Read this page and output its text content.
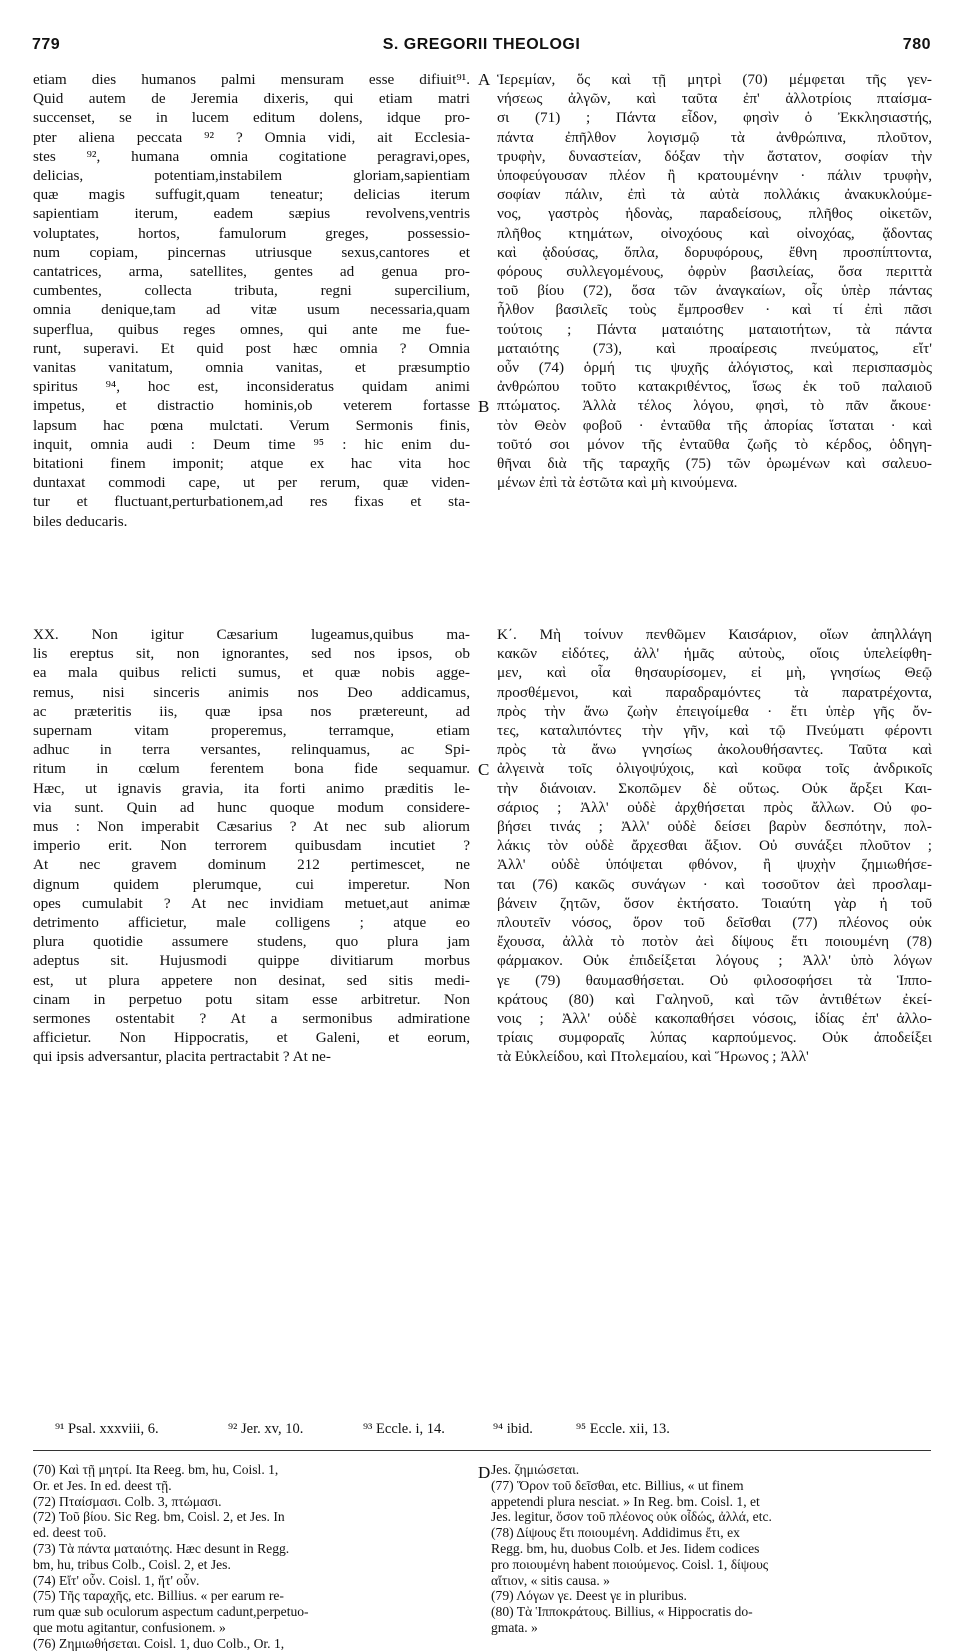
779	S. GREGORII THEOLOGI	780
etiam dies humanos palmi mensuram esse difiuit⁹¹.
Quid autem de Jeremia dixeris, qui etiam matri
succenset, se in lucem editum dolens, idque pro-
pter aliena peccata ⁹² ? Omnia vidi, ait Ecclesia-
stes ⁹², humana omnia cogitatione peragravi,opes,
delicias, potentiam,instabilem gloriam,sapientiam
quæ magis suffugit,quam teneatur; delicias iterum
sapientiam iterum, eadem sæpius revolvens,ventris
voluptates, hortos, famulorum greges, possessio-
num copiam, pincernas utriusque sexus,cantores et
cantatrices, arma, satellites, gentes ad genua pro-
cumbentes, collecta tributa, regni supercilium,
omnia denique,tam ad vitæ usum necessaria,quam
superflua, quibus reges omnes, qui ante me fue-
runt, superavi. Et quid post hæc omnia ? Omnia
vanitas vanitatum, omnia vanitas, et præsumptio
spiritus ⁹⁴, hoc est, inconsideratus quidam animi
impetus, et distractio hominis,ob veterem fortasse
lapsum hac pœna mulctati. Verum Sermonis finis,
inquit, omnia audi : Deum time ⁹⁵ : hic enim du-
bitationi finem imponit; atque ex hac vita hoc
duntaxat commodi cape, ut per rerum, quæ viden-
tur et fluctuant,perturbationem,ad res fixas et sta-
biles deducaris.
Ἱερεμίαν, ὅς καὶ τῇ μητρὶ (70) μέμφεται τῆς γεν-
νήσεως ἀλγῶν, καὶ ταῦτα ἐπ' ἀλλοτρίοις πταίσμα-
σι (71) ; Πάντα εἶδον, φησὶν ὁ Ἐκκλησιαστής,
πάντα ἐπῆλθον λογισμῷ τὰ ἀνθρώπινα, πλοῦτον,
τρυφὴν, δυναστείαν, δόξαν τὴν ἄστατον, σοφίαν τὴν
ὑποφεύγουσαν πλέον ἢ κρατουμένην · πάλιν τρυφὴν,
σοφίαν πάλιν, ἐπὶ τὰ αὐτὰ πολλάκις ἀνακυκλούμε-
νος, γαστρὸς ἡδονὰς, παραδείσους, πλῆθος οἰκετῶν,
πλῆθος κτημάτων, οἰνοχόους καὶ οἰνοχόας, ᾄδοντας
καὶ ᾀδούσας, ὅπλα, δορυφόρους, ἔθνη προσπίπτοντα,
φόρους συλλεγομένους, ὀφρὺν βασιλείας, ὅσα περιττὰ
τοῦ βίου (72), ὅσα τῶν ἀναγκαίων, οἷς ὑπὲρ πάντας
ἦλθον βασιλεῖς τοὺς ἔμπροσθεν · καὶ τί ἐπὶ πᾶσι
τούτοις ; Πάντα ματαιότης ματαιοτήτων, τὰ πάντα
ματαιότης (73), καὶ προαίρεσις πνεύματος, εἴτ'
οὖν (74) ὁρμή τις ψυχῆς ἀλόγιστος, καὶ περισπασμὸς
ἀνθρώπου τοῦτο κατακριθέντος, ἴσως ἐκ τοῦ παλαιοῦ
πτώματος. Ἀλλὰ τέλος λόγου, φησὶ, τὸ πᾶν ἄκουε·
τὸν Θεὸν φοβοῦ · ἐνταῦθα τῆς ἀπορίας ἵσταται · καὶ
τοῦτό σοι μόνον τῆς ἐνταῦθα ζωῆς τὸ κέρδος, ὁδηγη-
θῆναι διὰ τῆς ταραχῆς (75) τῶν ὁρωμένων καὶ σαλευο-
μένων ἐπὶ τὰ ἑστῶτα καὶ μὴ κινούμενα.
XX. Non igitur Cæsarium lugeamus,quibus ma-
lis ereptus sit, non ignorantes, sed nos ipsos, ob
ea mala quibus relicti sumus, et quæ nobis agge-
remus, nisi sinceris animis nos Deo addicamus,
ac præteritis iis, quæ ipsa nos prætereunt, ad
supernam vitam properemus, terramque, etiam
adhuc in terra versantes, relinquamus, ac Spi-
ritum in cœlum ferentem bona fide sequamur.
Hæc, ut ignavis gravia, ita forti animo præditis le-
via sunt. Quin ad hunc quoque modum considere-
mus : Non imperabit Cæsarius ? At nec sub aliorum
imperio erit. Non terrorem quibusdam incutiet ?
At nec gravem dominum 212 pertimescet, ne
dignum quidem plerumque, cui imperetur. Non
opes cumulabit ? At nec invidiam metuet,aut animæ
detrimento afficietur, male colligens ; atque eo
plura quotidie assumere studens, quo plura jam
adeptus sit. Hujusmodi quippe divitiarum morbus
est, ut plura appetere non desinat, sed sitis medi-
cinam in perpetuo potu sitam esse arbitretur. Non
sermones ostentabit ? At a sermonibus admiratione
afficietur. Non Hippocratis, et Galeni, et eorum,
qui ipsis adversantur, placita pertractabit ? At ne-
Κ΄. Μὴ τοίνυν πενθῶμεν Καισάριον, οἵων ἀπηλλάγη
κακῶν εἰδότες, ἀλλ' ἡμᾶς αὐτοὺς, οἵοις ὑπελείφθη-
μεν, καὶ οἷα θησαυρίσομεν, εἰ μὴ, γνησίως Θεῷ
προσθέμενοι, καὶ παραδραμόντες τὰ παρατρέχοντα,
πρὸς τὴν ἄνω ζωὴν ἐπειγοίμεθα · ἔτι ὑπὲρ γῆς ὄν-
τες, καταλιπόντες τὴν γῆν, καὶ τῷ Πνεύματι φέροντι
πρὸς τὰ ἄνω γνησίως ἀκολουθήσαντες. Ταῦτα καὶ
ἀλγεινὰ τοῖς ὀλιγοψύχοις, καὶ κοῦφα τοῖς ἀνδρικοῖς
τὴν διάνοιαν. Σκοπῶμεν δὲ οὕτως. Οὐκ ἄρξει Και-
σάριος ; Ἀλλ' οὐδὲ ἀρχθήσεται πρὸς ἄλλων. Οὐ φο-
βήσει τινάς ; Ἀλλ' οὐδὲ δείσει βαρὺν δεσπότην, πολ-
λάκις τὸν οὐδὲ ἄρχεσθαι ἄξιον. Οὐ συνάξει πλοῦτον ;
Ἀλλ' οὐδὲ ὑπόψεται φθόνον, ἢ ψυχὴν ζημιωθήσε-
ται (76) κακῶς συνάγων · καὶ τοσοῦτον ἀεὶ προσλαμ-
βάνειν ζητῶν, ὅσον ἐκτήσατο. Τοιαύτη γὰρ ἡ τοῦ
πλουτεῖν νόσος, ὅρον τοῦ δεῖσθαι (77) πλέονος οὐκ
ἔχουσα, ἀλλὰ τὸ ποτὸν ἀεὶ δίψους ἔτι ποιουμένη (78)
φάρμακον. Οὐκ ἐπιδείξεται λόγους ; Ἀλλ' ὑπὸ λόγων
γε (79) θαυμασθήσεται. Οὐ φιλοσοφήσει τὰ Ἱππο-
κράτους (80) καὶ Γαληνοῦ, καὶ τῶν ἀντιθέτων ἐκεί-
νοις ; Ἀλλ' οὐδὲ κακοπαθήσει νόσοις, ἰδίας ἐπ' ἀλλο-
τρίαις συμφοραῖς λύπας καρπούμενος. Οὐκ ἀποδείξει
τὰ Εὐκλείδου, καὶ Πτολεμαίου, καὶ Ἥρωνος ; Ἀλλ'
A
B
C
D
⁹¹ Psal. xxxviii, 6.	⁹² Jer. xv, 10.	⁹³ Eccle. i, 14.	⁹⁴ ibid.	⁹⁵ Eccle. xii, 13.
(70) Καὶ τῇ μητρί. Ita Reeg. bm, hu, Coisl. 1,
Or. et Jes. In ed. deest τῇ.
(72) Πταίσμασι. Colb. 3, πτώμασι.
(72) Τοῦ βίου. Sic Reg. bm, Coisl. 2, et Jes. In
ed. deest τοῦ.
(73) Τὰ πάντα ματαιότης. Hæc desunt in Regg.
bm, hu, tribus Colb., Coisl. 2, et Jes.
(74) Εἴτ' οὖν. Coisl. 1, ἤτ' οὖν.
(75) Τῆς ταραχῆς, etc. Billius. « per earum re-
rum quæ sub oculorum aspectum cadunt,perpetuo-
que motu agitantur, confusionem. »
(76) Ζημιωθήσεται. Coisl. 1, duo Colb., Or. 1,
Jes. ζημιώσεται.
(77) Ὅρον τοῦ δεῖσθαι, etc. Billius, « ut finem
appetendi plura nesciat. » In Reg. bm. Coisl. 1, et
Jes. legitur, ὅσον τοῦ πλέονος οὐκ οἶδώς, ἀλλά, etc.
(78) Δίψους ἔτι ποιουμένη. Addidimus ἔτι, ex
Regg. bm, hu, duobus Colb. et Jes. Iidem codices
pro ποιουμένη habent ποιούμενος. Coisl. 1, δίψους
αἴτιον, « sitis causa. »
(79) Λόγων γε. Deest γε in pluribus.
(80) Τὰ Ἱπποκράτους. Billius, « Hippocratis do-
gmata. »
